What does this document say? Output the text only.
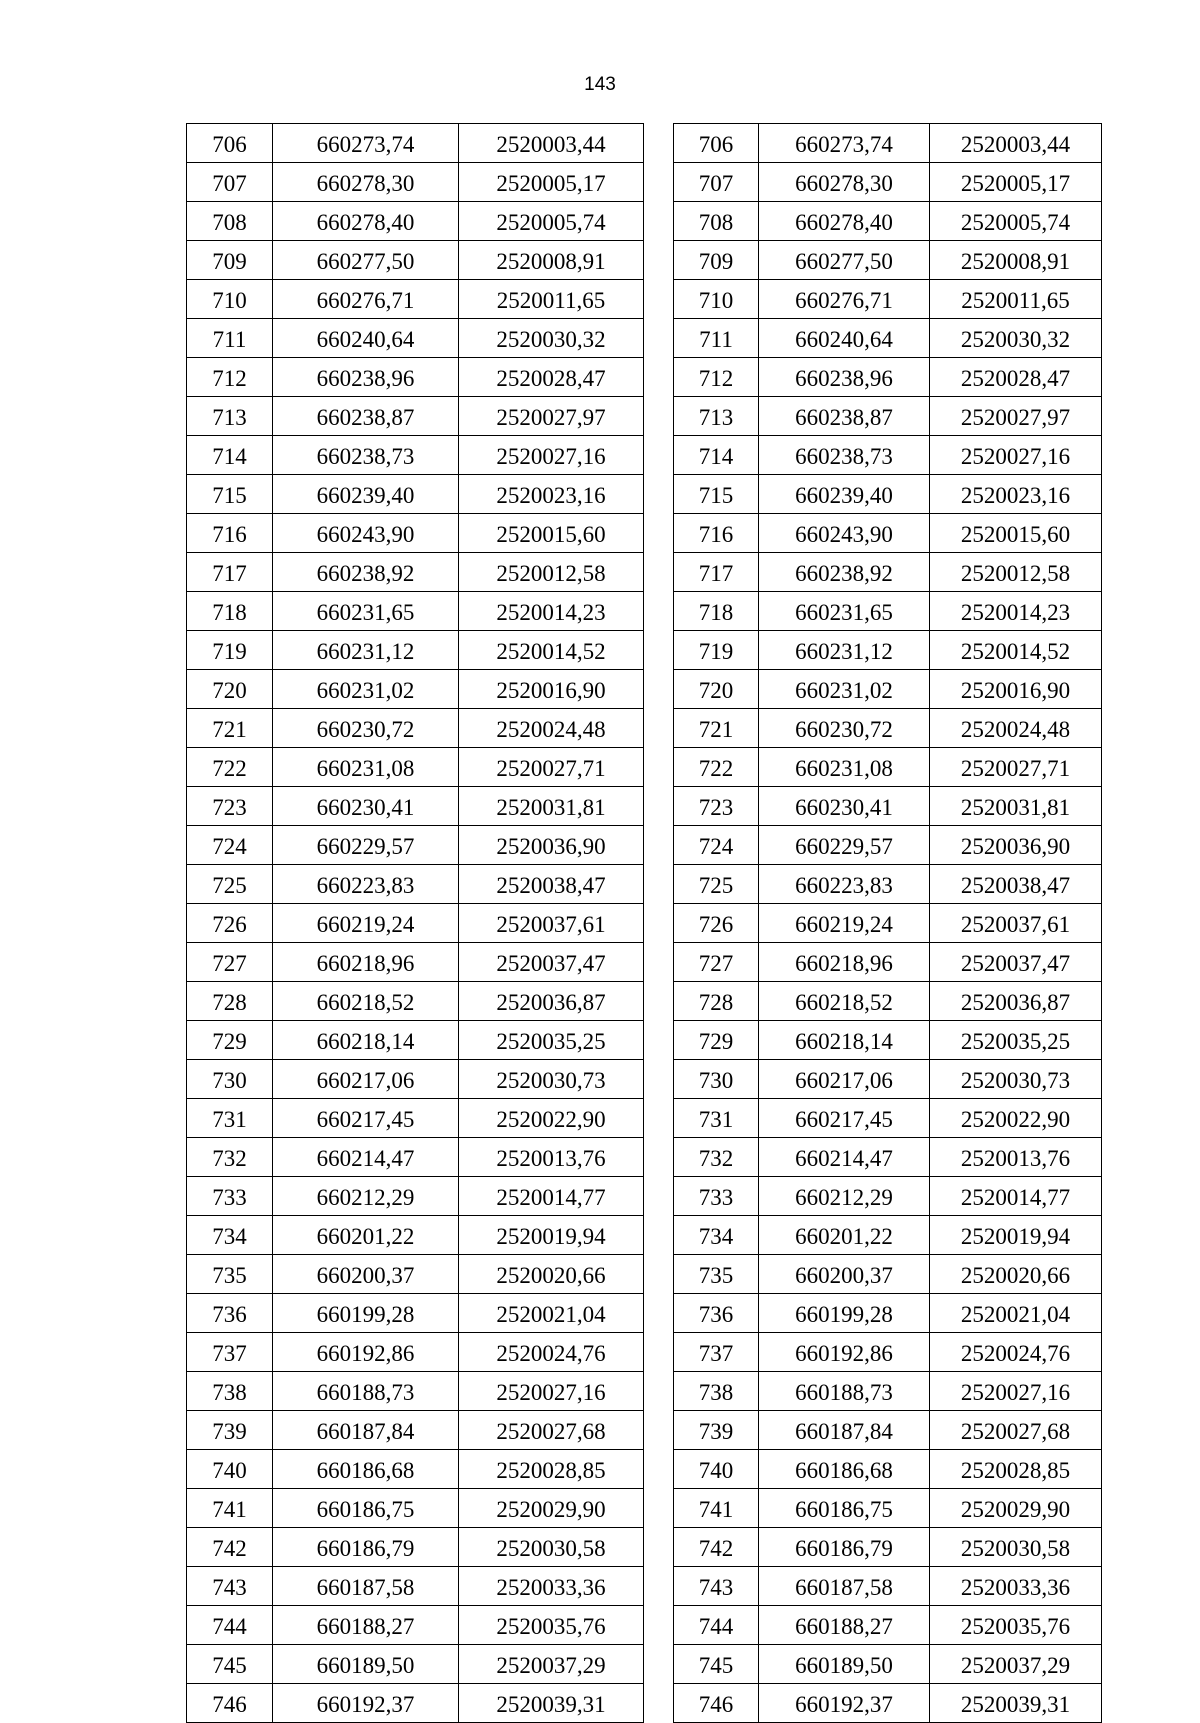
143
706	660273,74	2520003,44
707	660278,30	2520005,17
708	660278,40	2520005,74
709	660277,50	2520008,91
710	660276,71	2520011,65
711	660240,64	2520030,32
712	660238,96	2520028,47
713	660238,87	2520027,97
714	660238,73	2520027,16
715	660239,40	2520023,16
716	660243,90	2520015,60
717	660238,92	2520012,58
718	660231,65	2520014,23
719	660231,12	2520014,52
720	660231,02	2520016,90
721	660230,72	2520024,48
722	660231,08	2520027,71
723	660230,41	2520031,81
724	660229,57	2520036,90
725	660223,83	2520038,47
726	660219,24	2520037,61
727	660218,96	2520037,47
728	660218,52	2520036,87
729	660218,14	2520035,25
730	660217,06	2520030,73
731	660217,45	2520022,90
732	660214,47	2520013,76
733	660212,29	2520014,77
734	660201,22	2520019,94
735	660200,37	2520020,66
736	660199,28	2520021,04
737	660192,86	2520024,76
738	660188,73	2520027,16
739	660187,84	2520027,68
740	660186,68	2520028,85
741	660186,75	2520029,90
742	660186,79	2520030,58
743	660187,58	2520033,36
744	660188,27	2520035,76
745	660189,50	2520037,29
746	660192,37	2520039,31
706	660273,74	2520003,44
707	660278,30	2520005,17
708	660278,40	2520005,74
709	660277,50	2520008,91
710	660276,71	2520011,65
711	660240,64	2520030,32
712	660238,96	2520028,47
713	660238,87	2520027,97
714	660238,73	2520027,16
715	660239,40	2520023,16
716	660243,90	2520015,60
717	660238,92	2520012,58
718	660231,65	2520014,23
719	660231,12	2520014,52
720	660231,02	2520016,90
721	660230,72	2520024,48
722	660231,08	2520027,71
723	660230,41	2520031,81
724	660229,57	2520036,90
725	660223,83	2520038,47
726	660219,24	2520037,61
727	660218,96	2520037,47
728	660218,52	2520036,87
729	660218,14	2520035,25
730	660217,06	2520030,73
731	660217,45	2520022,90
732	660214,47	2520013,76
733	660212,29	2520014,77
734	660201,22	2520019,94
735	660200,37	2520020,66
736	660199,28	2520021,04
737	660192,86	2520024,76
738	660188,73	2520027,16
739	660187,84	2520027,68
740	660186,68	2520028,85
741	660186,75	2520029,90
742	660186,79	2520030,58
743	660187,58	2520033,36
744	660188,27	2520035,76
745	660189,50	2520037,29
746	660192,37	2520039,31
